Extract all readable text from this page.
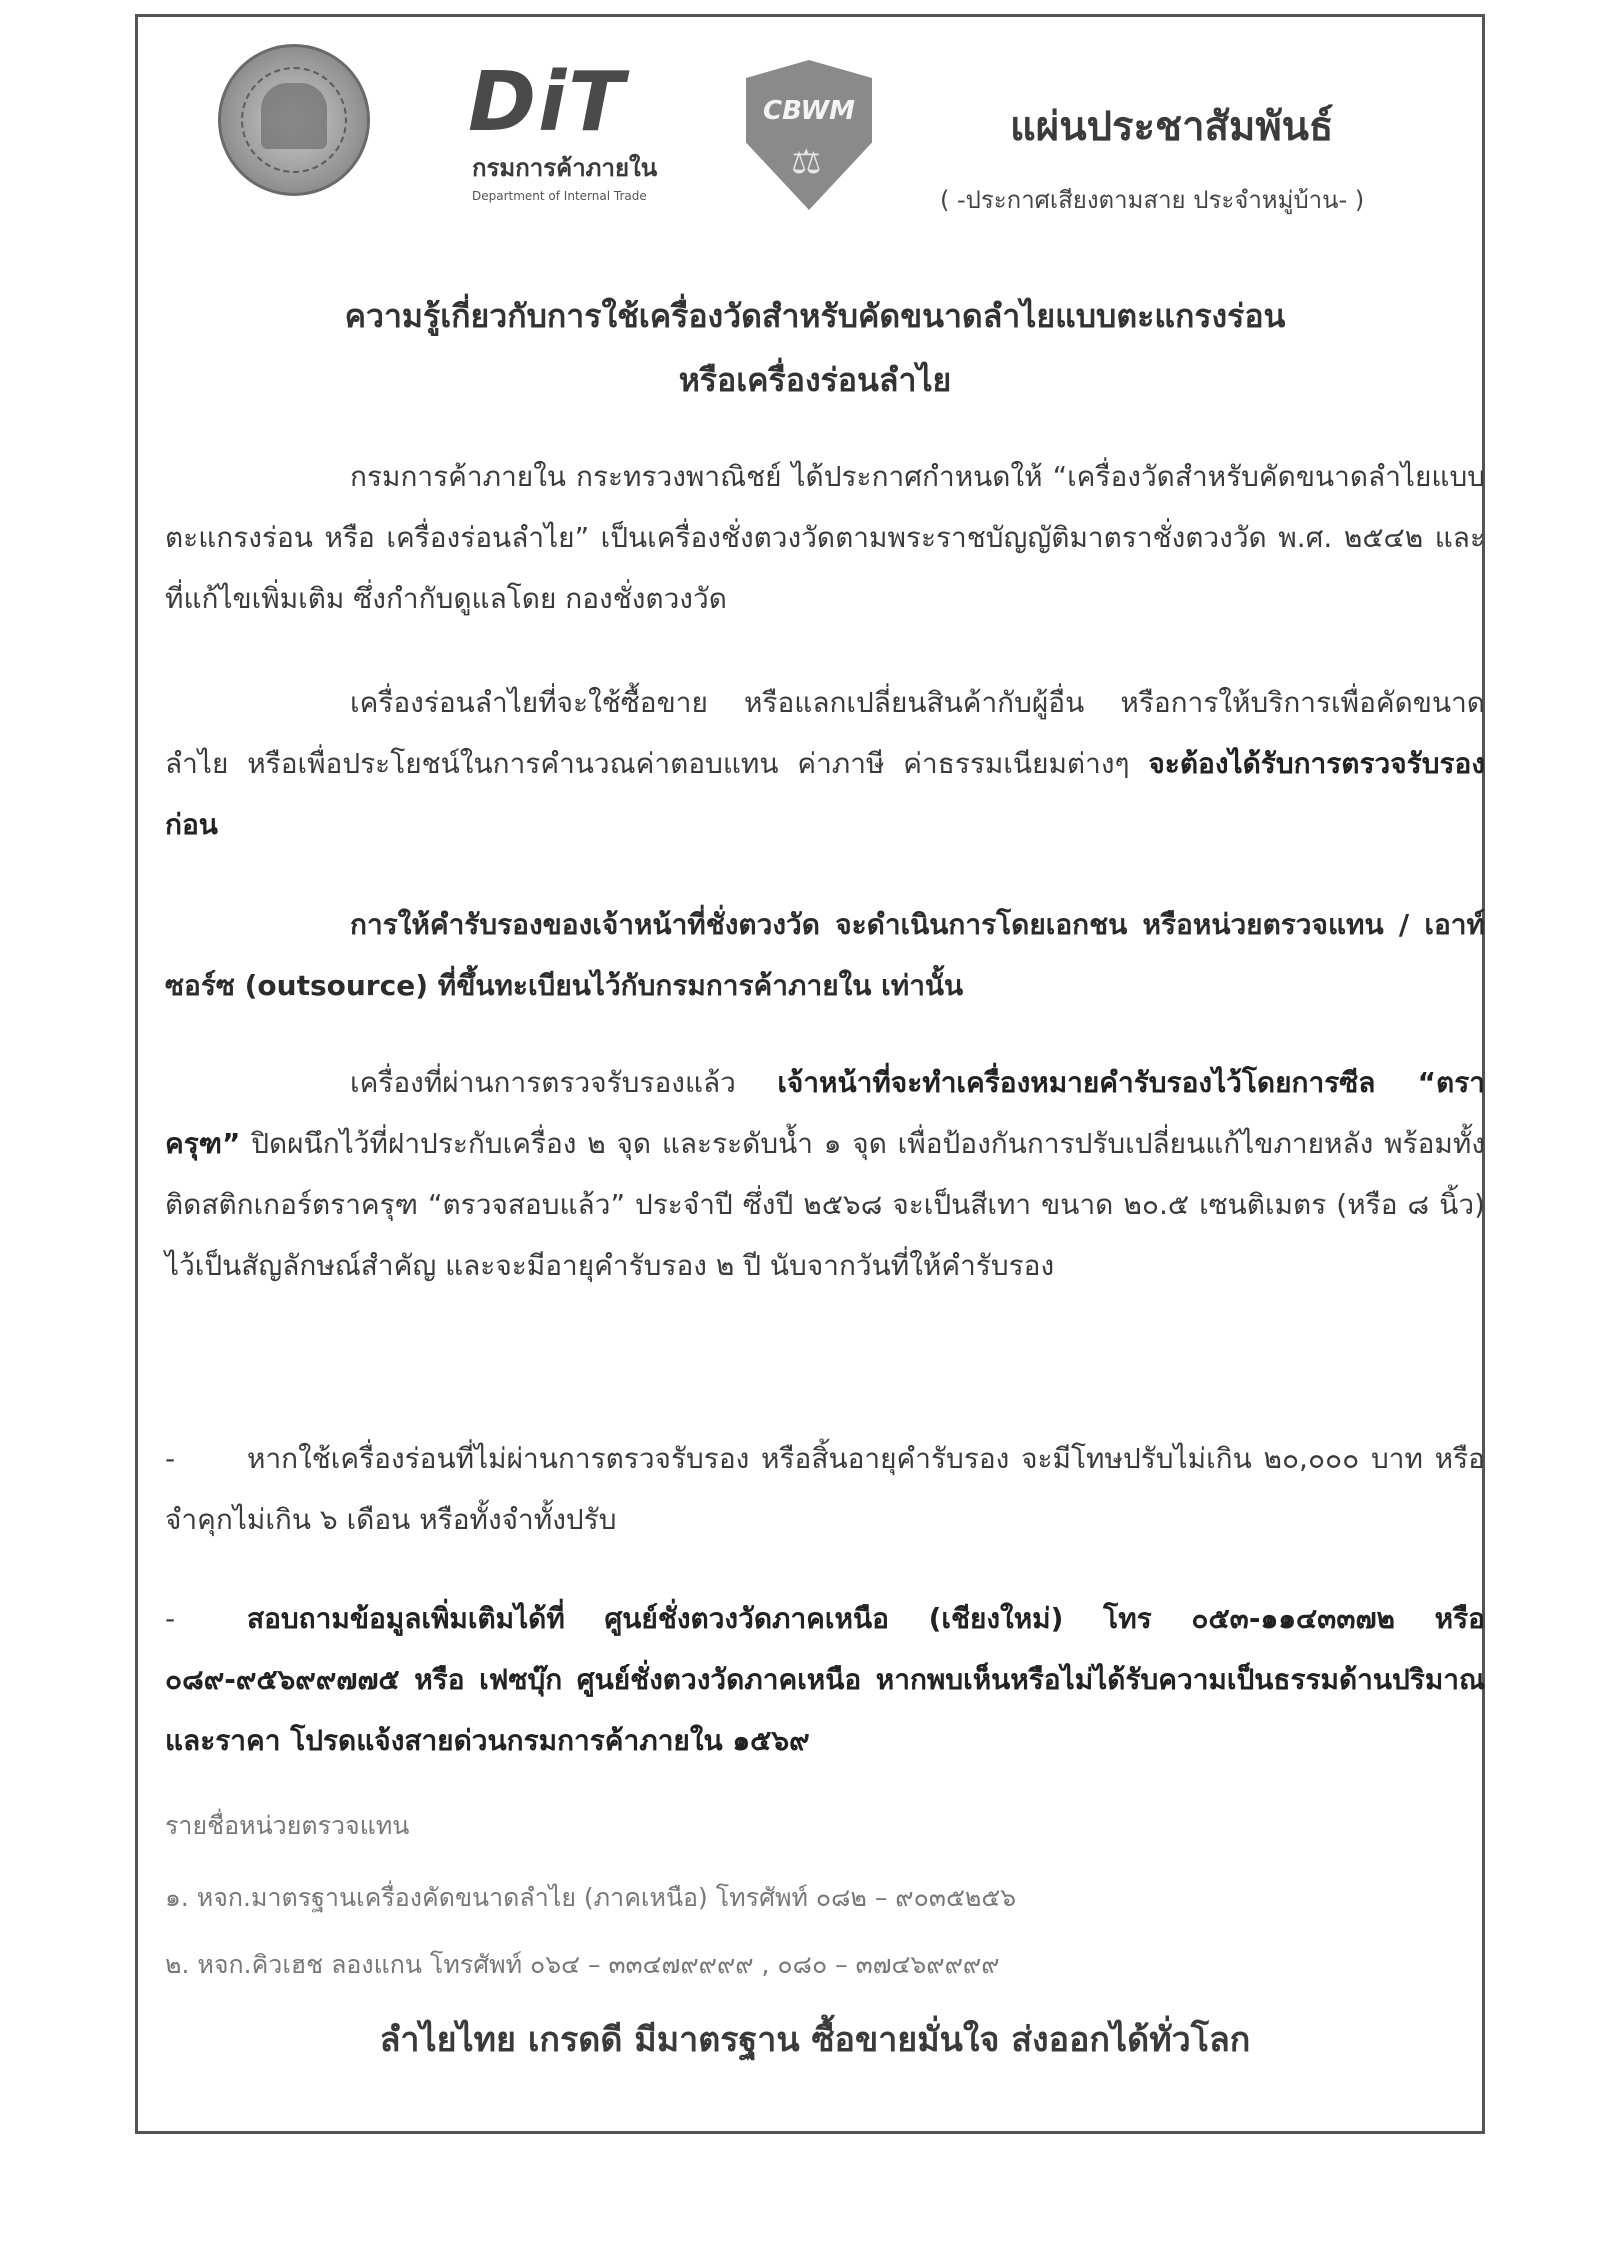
DiT
กรมการค้าภายใน
Department of Internal Trade
CBWM
⚖
แผ่นประชาสัมพันธ์
( -ประกาศเสียงตามสาย ประจำหมู่บ้าน- )
ความรู้เกี่ยวกับการใช้เครื่องวัดสำหรับคัดขนาดลำไยแบบตะแกรงร่อน
หรือเครื่องร่อนลำไย
กรมการค้าภายใน กระทรวงพาณิชย์ ได้ประกาศกำหนดให้ “เครื่องวัดสำหรับคัดขนาดลำไยแบบตะแกรงร่อน หรือ เครื่องร่อนลำไย” เป็นเครื่องชั่งตวงวัดตามพระราชบัญญัติมาตราชั่งตวงวัด พ.ศ. ๒๕๔๒ และที่แก้ไขเพิ่มเติม ซึ่งกำกับดูแลโดย กองชั่งตวงวัด
เครื่องร่อนลำไยที่จะใช้ซื้อขาย หรือแลกเปลี่ยนสินค้ากับผู้อื่น หรือการให้บริการเพื่อคัดขนาดลำไย หรือเพื่อประโยชน์ในการคำนวณค่าตอบแทน ค่าภาษี ค่าธรรมเนียมต่างๆ จะต้องได้รับการตรวจรับรองก่อน
การให้คำรับรองของเจ้าหน้าที่ชั่งตวงวัด จะดำเนินการโดยเอกชน หรือหน่วยตรวจแทน / เอาท์ซอร์ซ (outsource) ที่ขึ้นทะเบียนไว้กับกรมการค้าภายใน เท่านั้น
เครื่องที่ผ่านการตรวจรับรองแล้ว เจ้าหน้าที่จะทำเครื่องหมายคำรับรองไว้โดยการซีล “ตราครุฑ” ปิดผนึกไว้ที่ฝาประกับเครื่อง ๒ จุด และระดับน้ำ ๑ จุด เพื่อป้องกันการปรับเปลี่ยนแก้ไขภายหลัง พร้อมทั้งติดสติกเกอร์ตราครุฑ “ตรวจสอบแล้ว” ประจำปี ซึ่งปี ๒๕๖๘ จะเป็นสีเทา ขนาด ๒๐.๕ เซนติเมตร (หรือ ๘ นิ้ว) ไว้เป็นสัญลักษณ์สำคัญ และจะมีอายุคำรับรอง ๒ ปี นับจากวันที่ให้คำรับรอง
-	หากใช้เครื่องร่อนที่ไม่ผ่านการตรวจรับรอง หรือสิ้นอายุคำรับรอง จะมีโทษปรับไม่เกิน ๒๐,๐๐๐ บาท หรือจำคุกไม่เกิน ๖ เดือน หรือทั้งจำทั้งปรับ
-	สอบถามข้อมูลเพิ่มเติมได้ที่ ศูนย์ชั่งตวงวัดภาคเหนือ (เชียงใหม่) โทร ๐๕๓-๑๑๔๓๓๗๒ หรือ ๐๘๙-๙๕๖๙๙๗๗๕ หรือ เฟซบุ๊ก ศูนย์ชั่งตวงวัดภาคเหนือ หากพบเห็นหรือไม่ได้รับความเป็นธรรมด้านปริมาณและราคา โปรดแจ้งสายด่วนกรมการค้าภายใน ๑๕๖๙
รายชื่อหน่วยตรวจแทน
๑. หจก.มาตรฐานเครื่องคัดขนาดลำไย (ภาคเหนือ) โทรศัพท์ ๐๘๒ – ๙๐๓๕๒๕๖
๒. หจก.คิวเฮช ลองแกน โทรศัพท์ ๐๖๔ – ๓๓๔๗๙๙๙๙ , ๐๘๐ – ๓๗๔๖๙๙๙๙
ลำไยไทย เกรดดี มีมาตรฐาน ซื้อขายมั่นใจ ส่งออกได้ทั่วโลก
